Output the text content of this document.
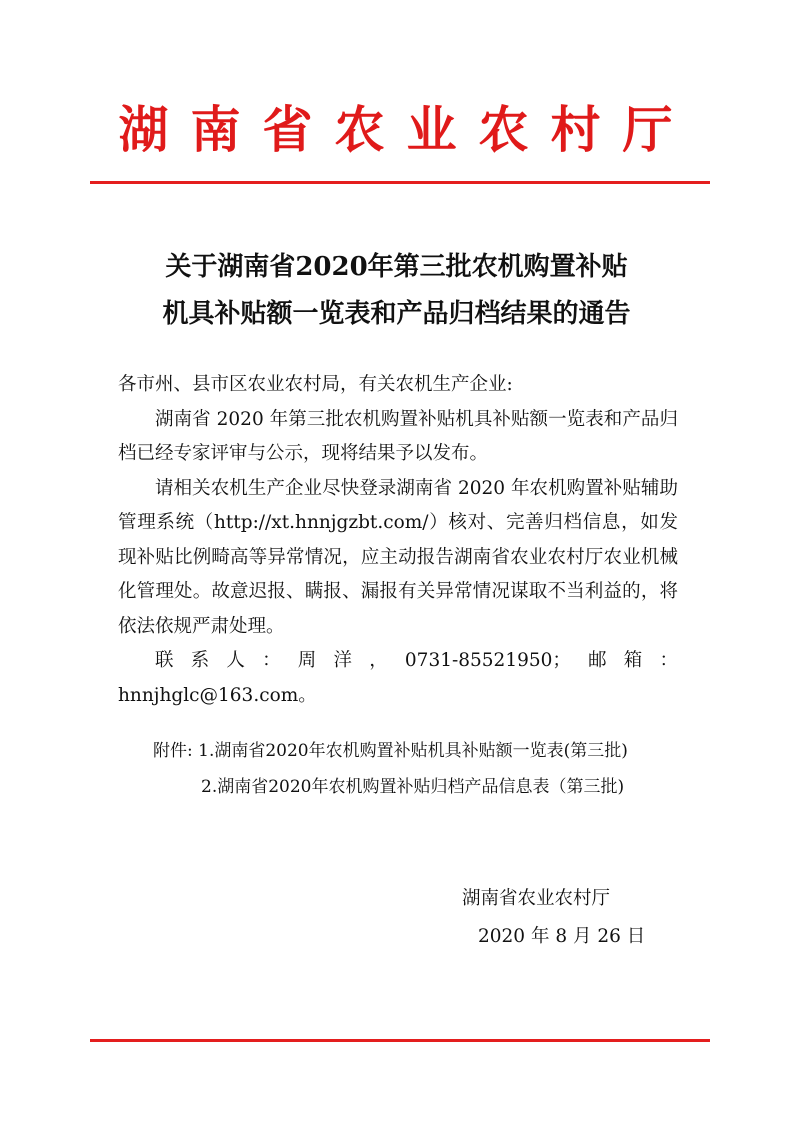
湖南省农业农村厅
关于湖南省2020年第三批农机购置补贴
机具补贴额一览表和产品归档结果的通告

各市州、县市区农业农村局，有关农机生产企业:

湖南省 2020 年第三批农机购置补贴机具补贴额一览表和产品归档已经专家评审与公示，现将结果予以发布。

请相关农机生产企业尽快登录湖南省 2020 年农机购置补贴辅助管理系统（http://xt.hnnjgzbt.com/）核对、完善归档信息，如发现补贴比例畸高等异常情况，应主动报告湖南省农业农村厅农业机械化管理处。故意迟报、瞒报、漏报有关异常情况谋取不当利益的，将依法依规严肃处理。

联系人：周洋，0731-85521950；邮箱：hnnjhglc@163.com。

附件: 1.湖南省2020年农机购置补贴机具补贴额一览表(第三批)
2.湖南省2020年农机购置补贴归档产品信息表（第三批)
湖南省农业农村厅
2020 年 8 月 26 日
